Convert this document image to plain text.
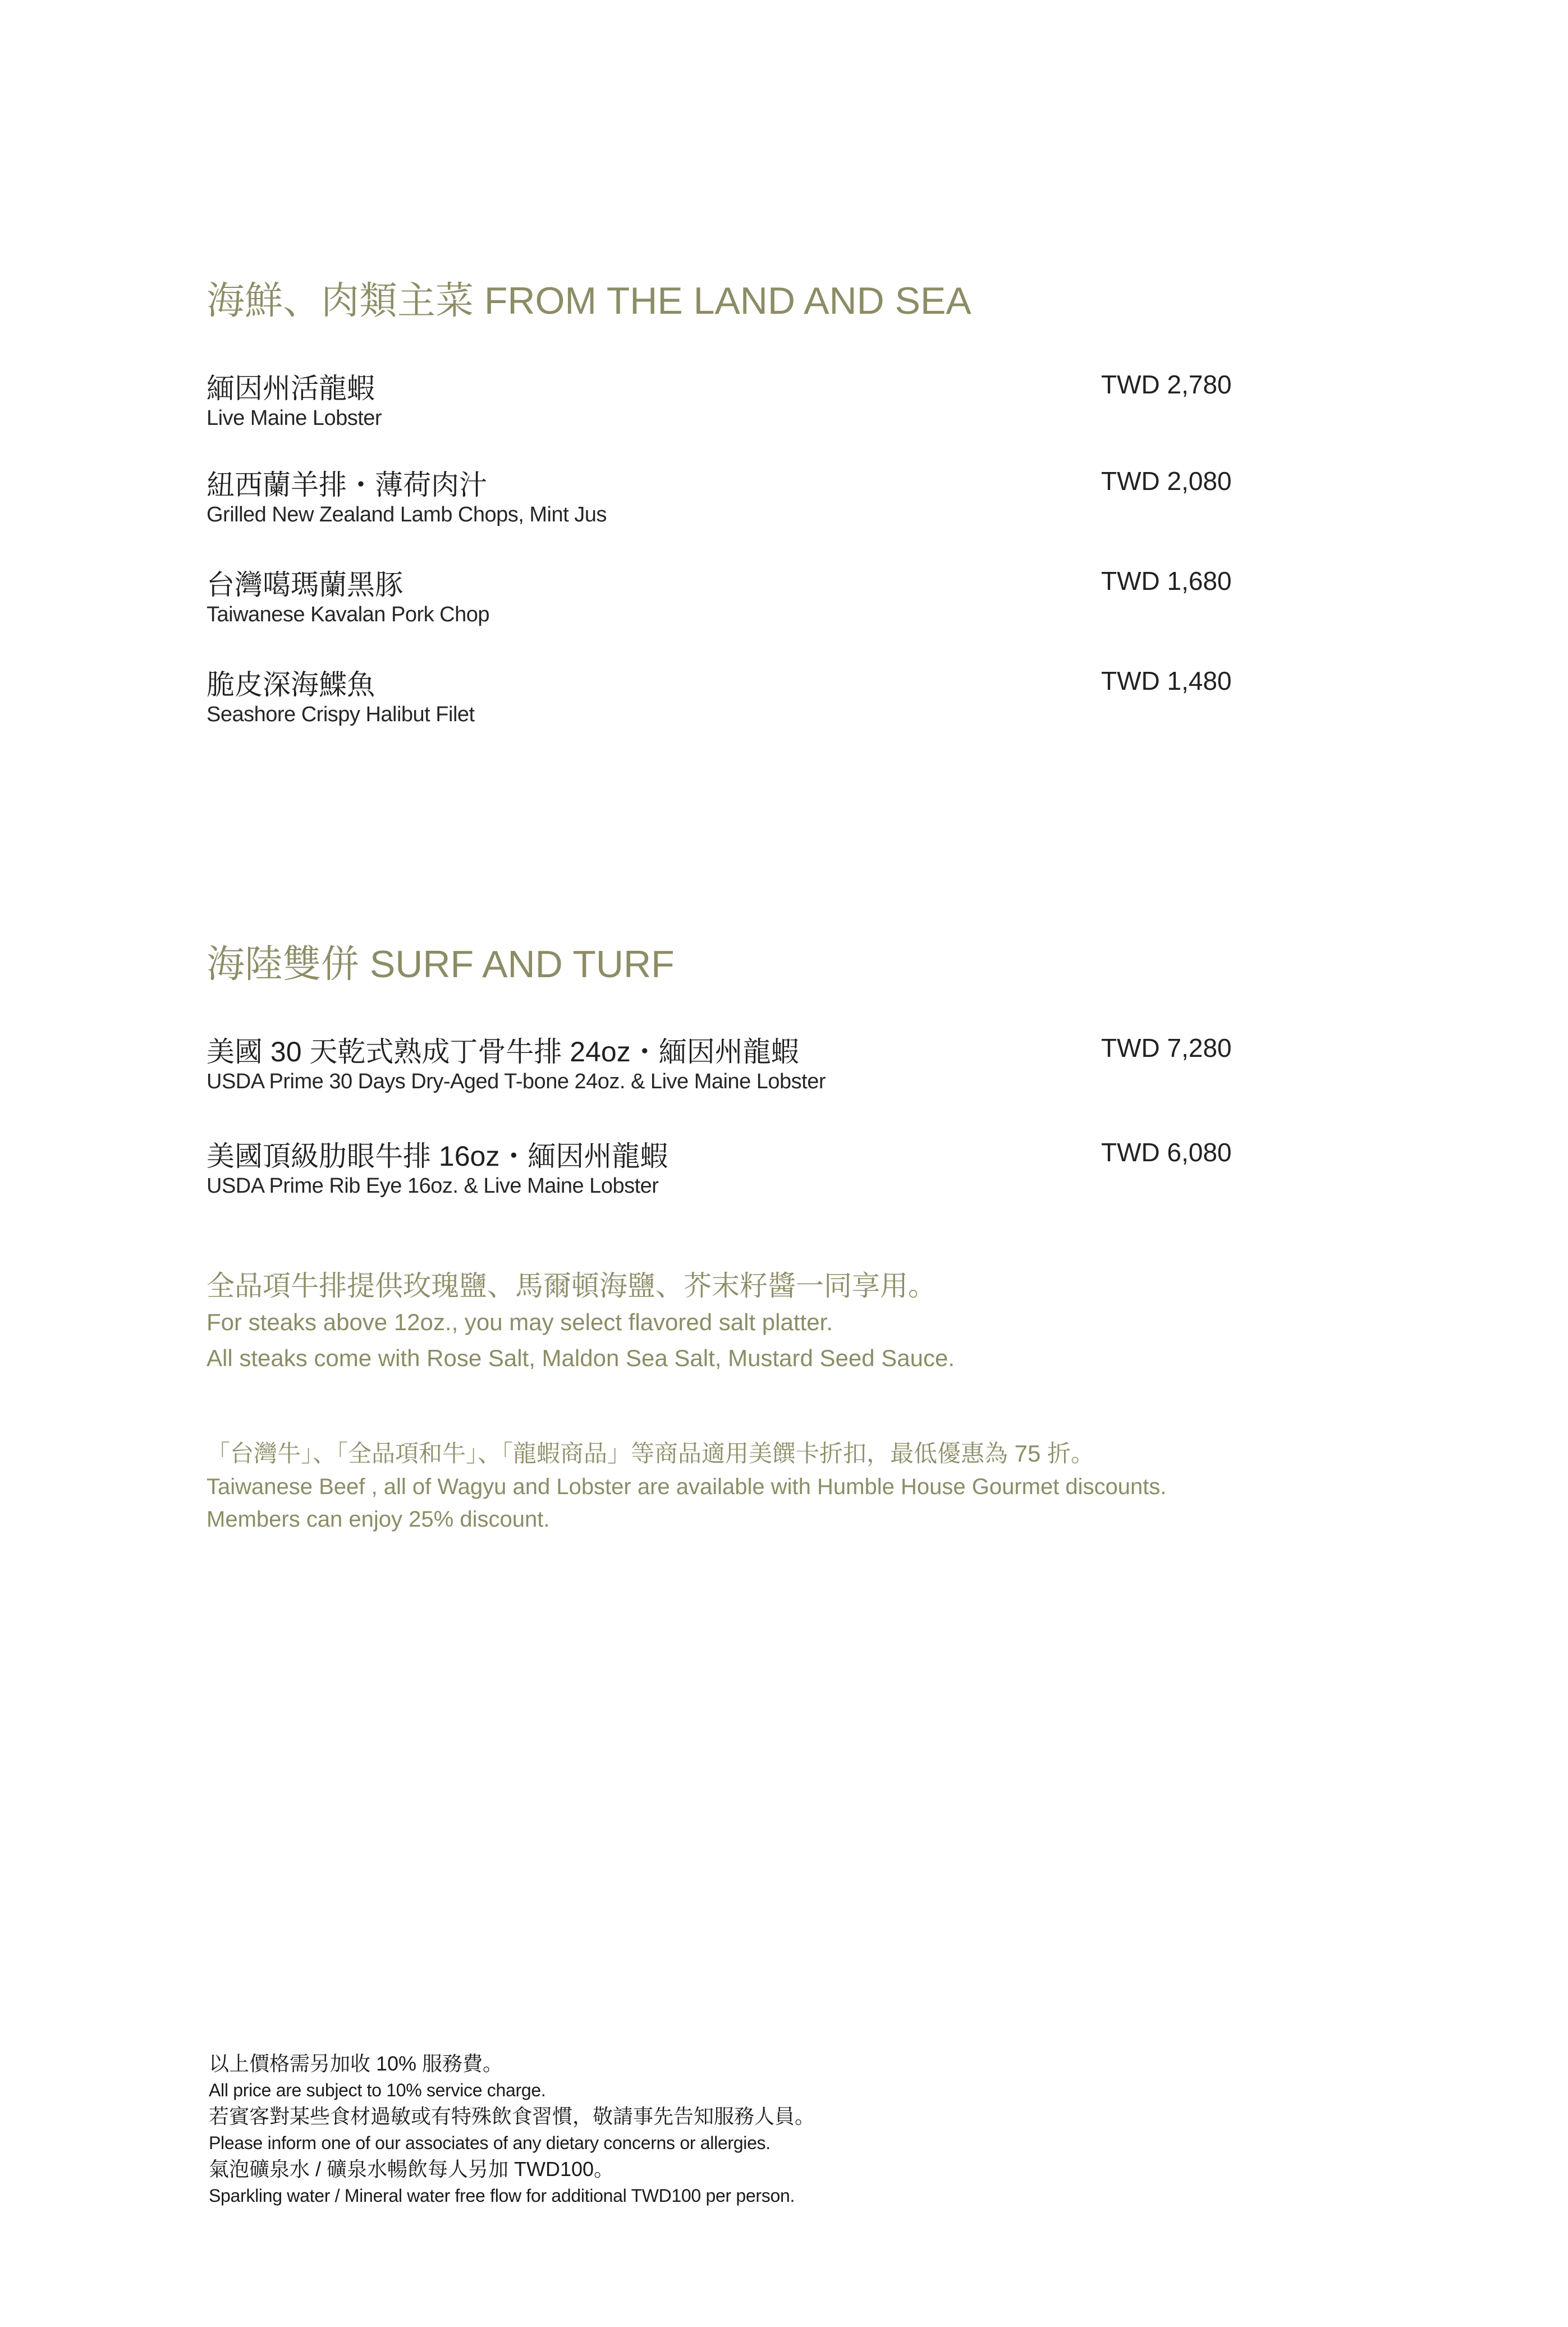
海鮮、肉類主菜 FROM THE LAND AND SEA
緬因州活龍蝦
Live Maine Lobster
TWD 2,780
紐西蘭羊排・薄荷肉汁
Grilled New Zealand Lamb Chops, Mint Jus
TWD 2,080
台灣噶瑪蘭黑豚
Taiwanese Kavalan Pork Chop
TWD 1,680
脆皮深海鰈魚
Seashore Crispy Halibut Filet
TWD 1,480
海陸雙併 SURF AND TURF
美國 30 天乾式熟成丁骨牛排 24oz・緬因州龍蝦
USDA Prime 30 Days Dry-Aged T-bone 24oz. & Live Maine Lobster
TWD 7,280
美國頂級肋眼牛排 16oz・緬因州龍蝦
USDA Prime Rib Eye 16oz. & Live Maine Lobster
TWD 6,080
全品項牛排提供玫瑰鹽、馬爾頓海鹽、芥末籽醬一同享用。
For steaks above 12oz., you may select flavored salt platter.
All steaks come with Rose Salt, Maldon Sea Salt, Mustard Seed Sauce.
「台灣牛」、「全品項和牛」、「龍蝦商品」等商品適用美饌卡折扣，最低優惠為 75 折。
Taiwanese Beef , all of Wagyu and Lobster are available with Humble House Gourmet discounts.
Members can enjoy 25% discount.
以上價格需另加收 10% 服務費。
All price are subject to 10% service charge.
若賓客對某些食材過敏或有特殊飲食習慣，敬請事先告知服務人員。
Please inform one of our associates of any dietary concerns or allergies.
氣泡礦泉水 / 礦泉水暢飲每人另加 TWD100。
Sparkling water / Mineral water free flow for additional TWD100 per person.
